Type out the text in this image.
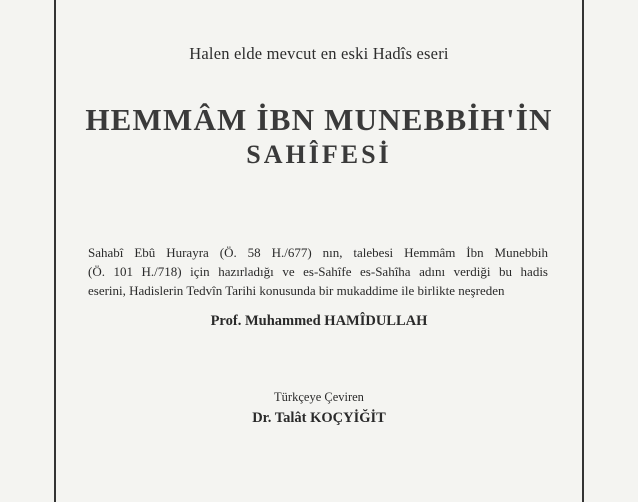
Halen elde mevcut en eski Hadîs eseri
HEMMÂM İBN MUNEBBİH'İN
SAHÎFESİ
Sahabî Ebû Hurayra (Ö. 58 H./677) nın, talebesi Hemmâm İbn Munebbih
(Ö. 101 H./718) için hazırladığı ve es-Sahîfe es-Sahîha adını verdiği bu hadis
eserini, Hadislerin Tedvîn Tarihi konusunda bir mukaddime ile birlikte neşreden
Prof. Muhammed HAMÎDULLAH
Türkçeye Çeviren
Dr. Talât KOÇYİĞİT
